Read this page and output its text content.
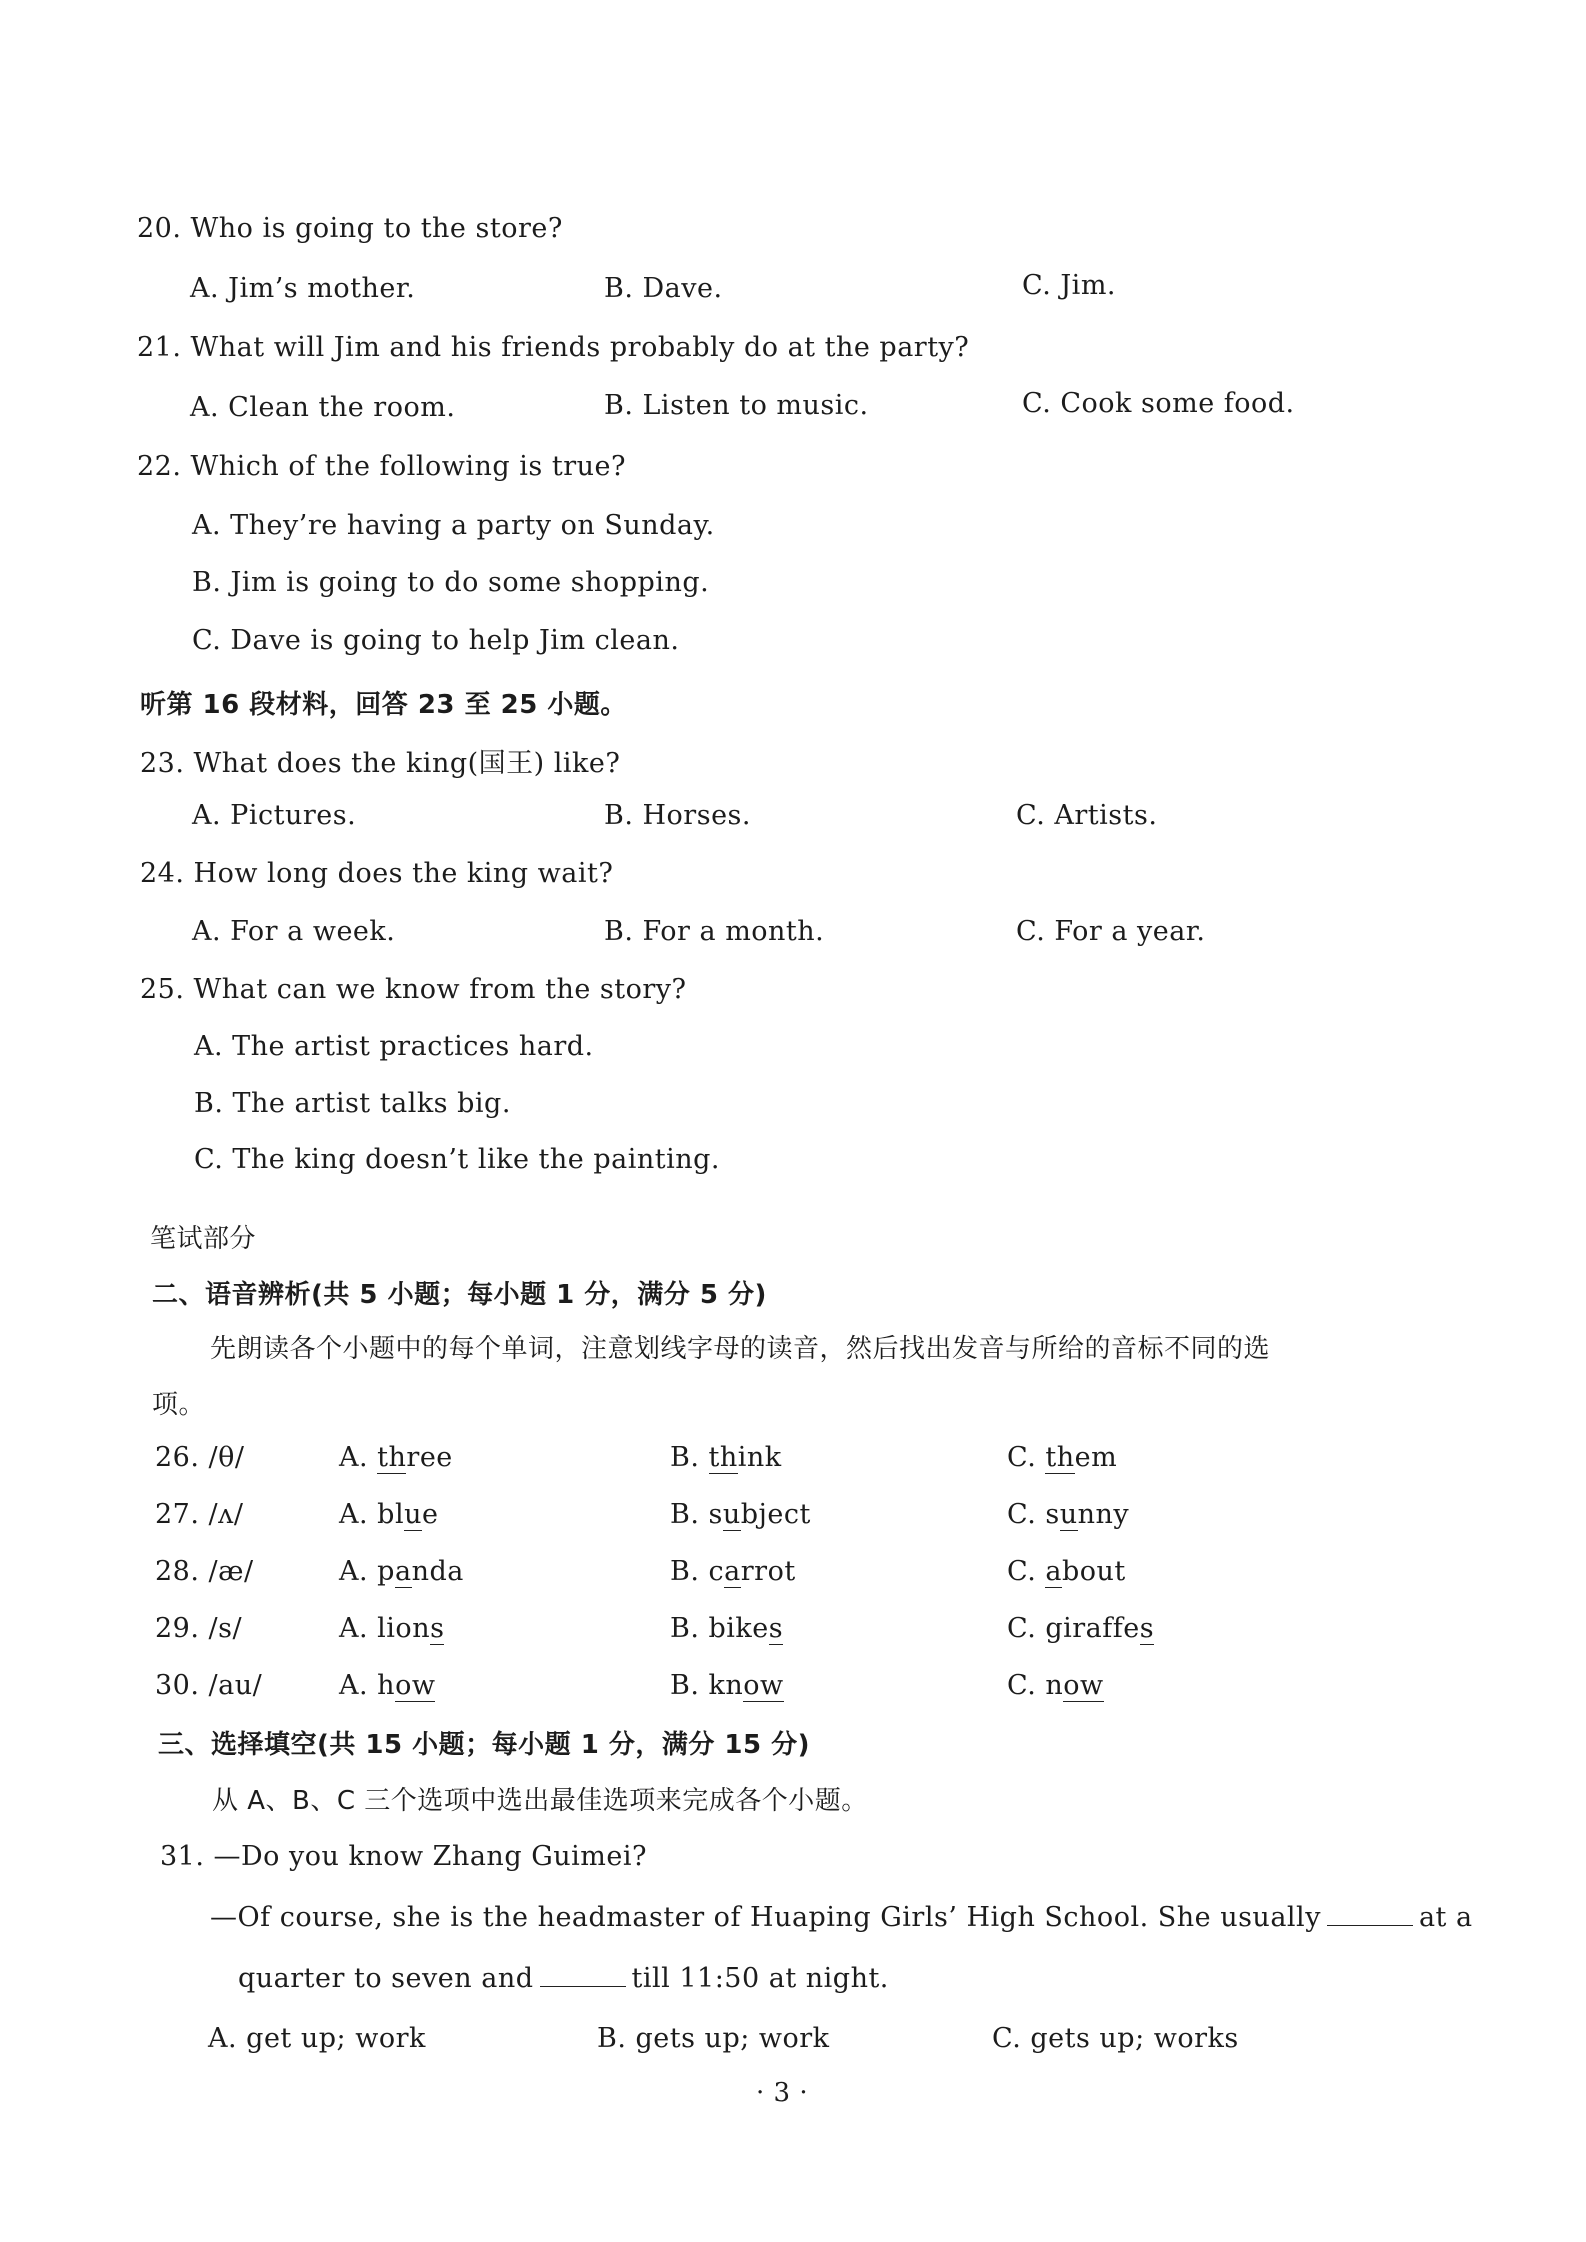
20. Who is going to the store?
A. Jim’s mother.	B. Dave.	C. Jim.
21. What will Jim and his friends probably do at the party?
A. Clean the room.	B. Listen to music.	C. Cook some food.
22. Which of the following is true?
A. They’re having a party on Sunday.
B. Jim is going to do some shopping.
C. Dave is going to help Jim clean.
听第 16 段材料，回答 23 至 25 小题。
23. What does the king(国王) like?
A. Pictures.	B. Horses.	C. Artists.
24. How long does the king wait?
A. For a week.	B. For a month.	C. For a year.
25. What can we know from the story?
A. The artist practices hard.
B. The artist talks big.
C. The king doesn’t like the painting.
笔试部分
二、语音辨析(共 5 小题；每小题 1 分，满分 5 分)
先朗读各个小题中的每个单词，注意划线字母的读音，然后找出发音与所给的音标不同的选
项。
26. /θ/	A. three	B. think	C. them
27. /ʌ/	A. blue	B. subject	C. sunny
28. /æ/	A. panda	B. carrot	C. about
29. /s/	A. lions	B. bikes	C. giraffes
30. /au/	A. how	B. know	C. now
三、选择填空(共 15 小题；每小题 1 分，满分 15 分)
从 A、B、C 三个选项中选出最佳选项来完成各个小题。
31. —Do you know Zhang Guimei?
—Of course, she is the headmaster of Huaping Girls’ High School. She usually	at a
quarter to seven and	till 11:50 at night.
A. get up; work	B. gets up; work	C. gets up; works
· 3 ·
